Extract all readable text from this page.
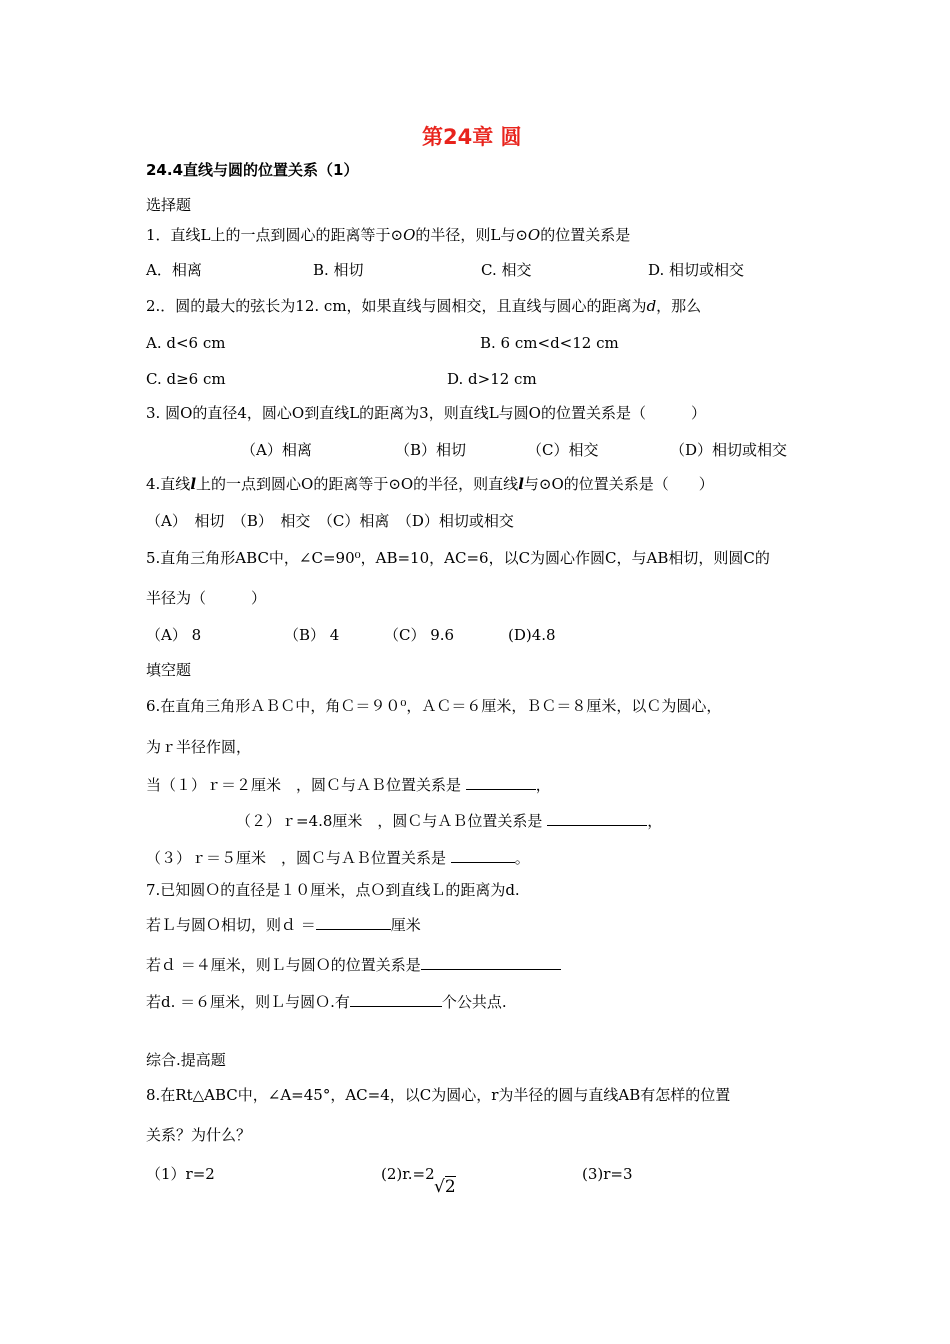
第24章 圆
24.4直线与圆的位置关系（1）
选择题
1．直线L上的一点到圆心的距离等于⊙O的半径，则L与⊙O的位置关系是
A．相离	B. 相切	C. 相交	D. 相切或相交
2.．圆的最大的弦长为12. cm，如果直线与圆相交，且直线与圆心的距离为d，那么
A. d<6 cm	B. 6 cm<d<12 cm
C. d≥6 cm	D. d>12 cm
3. 圆O的直径4，圆心O到直线L的距离为3，则直线L与圆O的位置关系是（　　　）
（A）相离	（B）相切	（C）相交	（D）相切或相交
4.直线l上的一点到圆心O的距离等于⊙O的半径，则直线l与⊙O的位置关系是（　　）
（A）　相切　（B）　相交　（C）相离　（D）相切或相交
5.直角三角形ABC中，∠C=90⁰，AB=10，AC=6，以C为圆心作圆C，与AB相切，则圆C的
半径为（　　　）
（A） 8	（B） 4	（C） 9.6	(D)4.8
填空题
6.在直角三角形ＡＢＣ中，角Ｃ＝９０⁰，ＡＣ＝６厘米，ＢＣ＝８厘米，以Ｃ为圆心，
为ｒ半径作圆，
当（１）ｒ＝２厘米　，圆Ｃ与ＡＢ位置关系是	，
（２）ｒ=4.8厘米　，圆Ｃ与ＡＢ位置关系是	，
（３）ｒ＝５厘米　，圆Ｃ与ＡＢ位置关系是	。
7.已知圆Ｏ的直径是１０厘米，点Ｏ到直线Ｌ的距离为d.
若Ｌ与圆Ｏ相切，则ｄ ＝	厘米
若ｄ ＝４厘米，则Ｌ与圆Ｏ的位置关系是
若d. ＝６厘米，则Ｌ与圆Ｏ.有	个公共点.
综合.提高题
8.在Rt△ABC中，∠A=45°，AC=4，以C为圆心，r为半径的圆与直线AB有怎样的位置
关系？为什么？
（1）r=2	(2)r.=2
√2
(3)r=3
